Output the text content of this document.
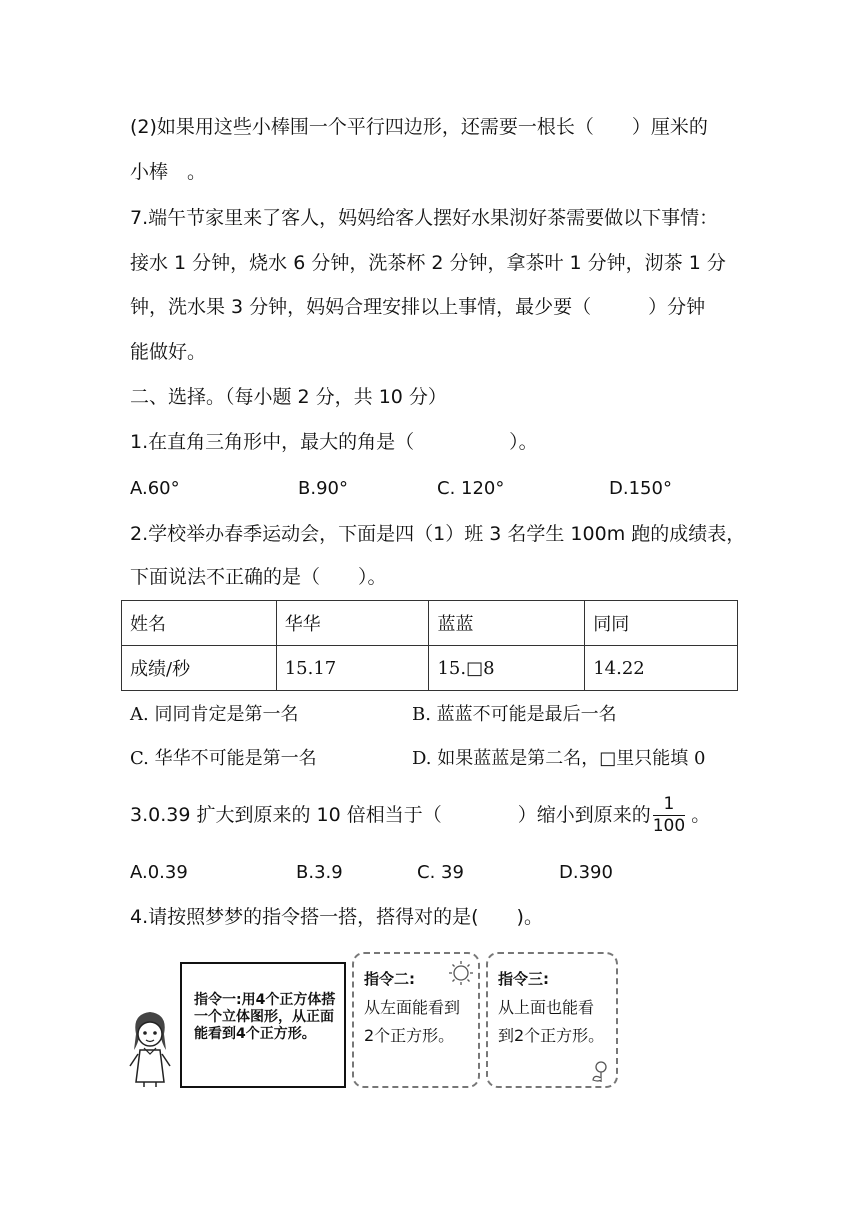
(2)如果用这些小棒围一个平行四边形，还需要一根长（　　）厘米的
小棒　。
7.端午节家里来了客人，妈妈给客人摆好水果沏好茶需要做以下事情：
接水 1 分钟，烧水 6 分钟，洗茶杯 2 分钟，拿茶叶 1 分钟，沏茶 1 分
钟，洗水果 3 分钟，妈妈合理安排以上事情，最少要（　　　）分钟
能做好。
二、选择。（每小题 2 分，共 10 分）
1.在直角三角形中，最大的角是（　　　　　）。
A.60°	B.90°	C. 120°	D.150°
2.学校举办春季运动会，下面是四（1）班 3 名学生 100m 跑的成绩表，
下面说法不正确的是（　　）。
姓名	华华	蓝蓝	同同
成绩/秒	15.17	15.□8	14.22
A. 同同肯定是第一名	B. 蓝蓝不可能是最后一名
C. 华华不可能是第一名	D. 如果蓝蓝是第二名，□里只能填 0
3.0.39 扩大到原来的 10 倍相当于（　　　　）缩小到原来的 $\frac{1}{100}$ 。
A.0.39	B.3.9	C. 39	D.390
4.请按照梦梦的指令搭一搭，搭得对的是(　　)。
指令一:用4个正方体搭一个立体图形，从正面能看到4个正方形。
指令二:
从左面能看到
2个正方形。
指令三:
从上面也能看
到2个正方形。
